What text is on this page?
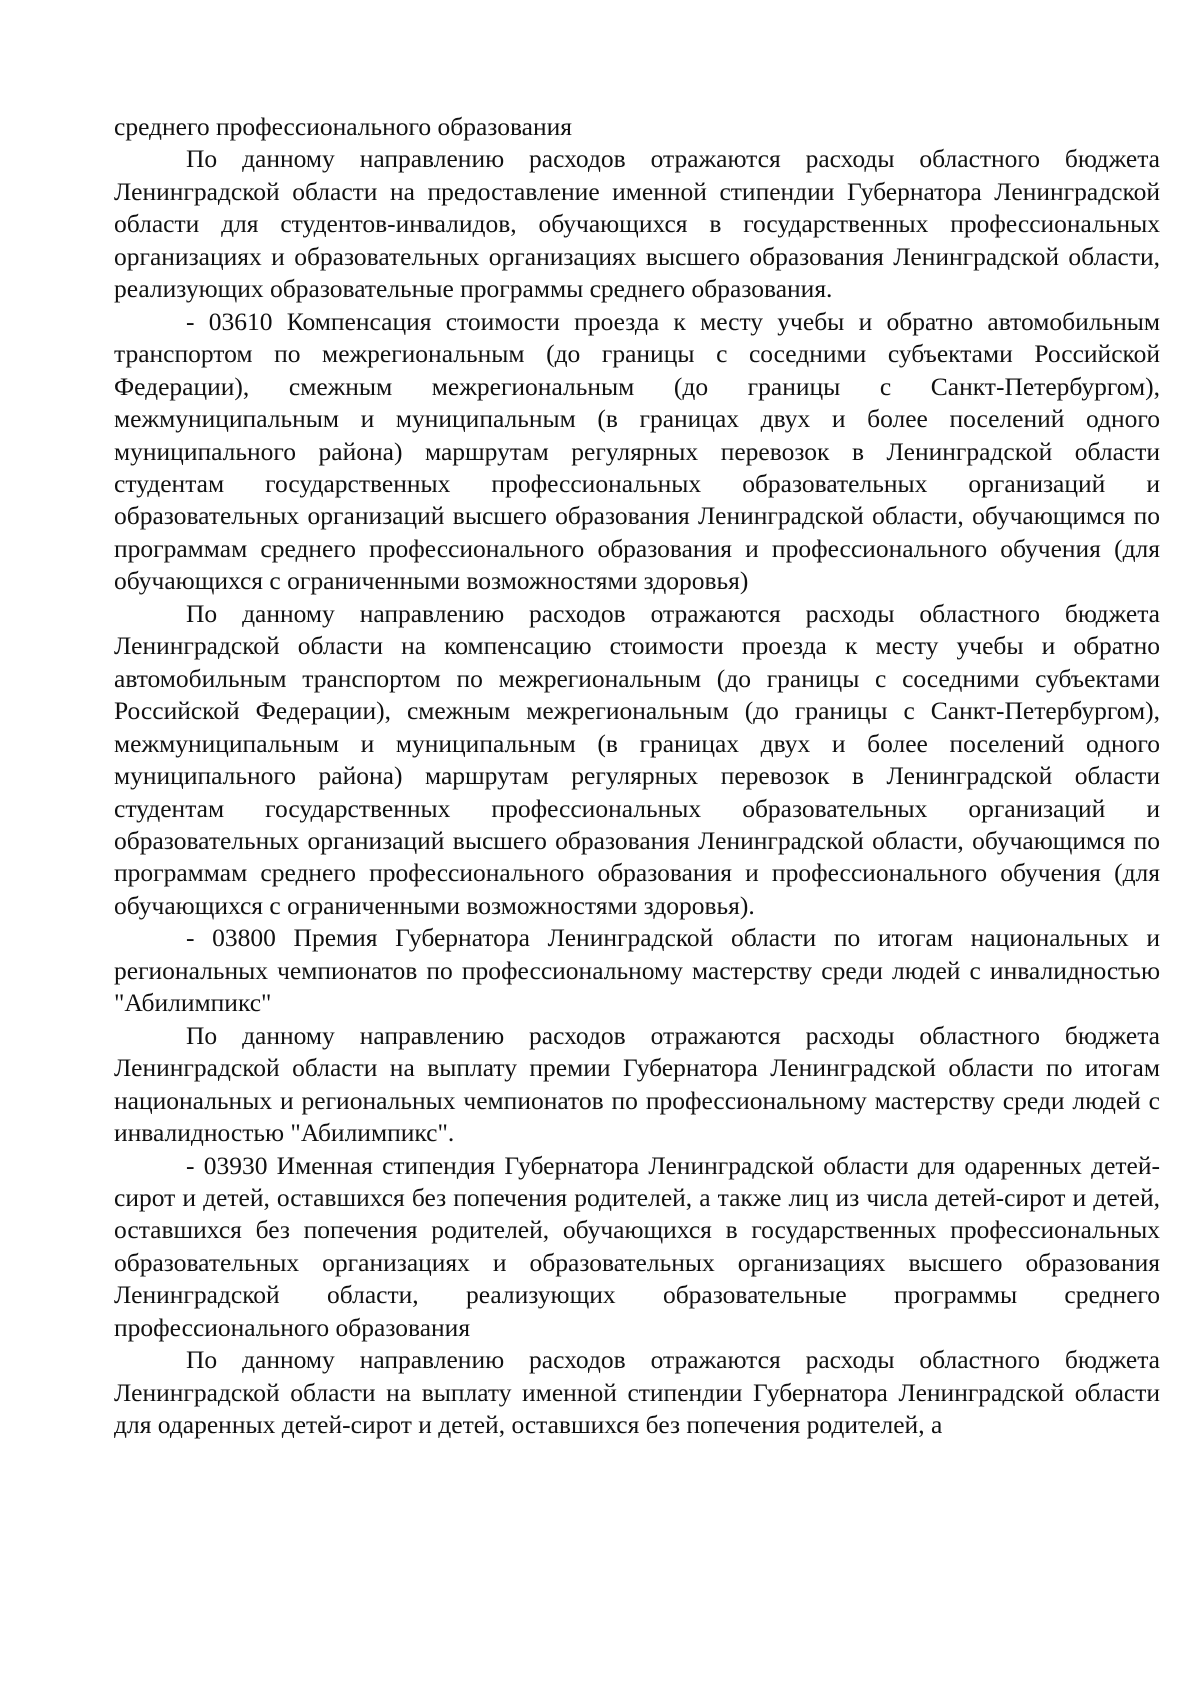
среднего профессионального образования

По данному направлению расходов отражаются расходы областного бюджета Ленинградской области на предоставление именной стипендии Губернатора Ленинградской области для студентов-инвалидов, обучающихся в государственных профессиональных организациях и образовательных организациях высшего образования Ленинградской области, реализующих образовательные программы среднего образования.

- 03610 Компенсация стоимости проезда к месту учебы и обратно автомобильным транспортом по межрегиональным (до границы с соседними субъектами Российской Федерации), смежным межрегиональным (до границы с Санкт-Петербургом), межмуниципальным и муниципальным (в границах двух и более поселений одного муниципального района) маршрутам регулярных перевозок в Ленинградской области студентам государственных профессиональных образовательных организаций и образовательных организаций высшего образования Ленинградской области, обучающимся по программам среднего профессионального образования и профессионального обучения (для обучающихся с ограниченными возможностями здоровья)

По данному направлению расходов отражаются расходы областного бюджета Ленинградской области на компенсацию стоимости проезда к месту учебы и обратно автомобильным транспортом по межрегиональным (до границы с соседними субъектами Российской Федерации), смежным межрегиональным (до границы с Санкт-Петербургом), межмуниципальным и муниципальным (в границах двух и более поселений одного муниципального района) маршрутам регулярных перевозок в Ленинградской области студентам государственных профессиональных образовательных организаций и образовательных организаций высшего образования Ленинградской области, обучающимся по программам среднего профессионального образования и профессионального обучения (для обучающихся с ограниченными возможностями здоровья).

- 03800 Премия Губернатора Ленинградской области по итогам национальных и региональных чемпионатов по профессиональному мастерству среди людей с инвалидностью "Абилимпикс"

По данному направлению расходов отражаются расходы областного бюджета Ленинградской области на выплату премии Губернатора Ленинградской области по итогам национальных и региональных чемпионатов по профессиональному мастерству среди людей с инвалидностью "Абилимпикс".

- 03930 Именная стипендия Губернатора Ленинградской области для одаренных детей-сирот и детей, оставшихся без попечения родителей, а также лиц из числа детей-сирот и детей, оставшихся без попечения родителей, обучающихся в государственных профессиональных образовательных организациях и образовательных организациях высшего образования Ленинградской области, реализующих образовательные программы среднего профессионального образования

По данному направлению расходов отражаются расходы областного бюджета Ленинградской области на выплату именной стипендии Губернатора Ленинградской области для одаренных детей-сирот и детей, оставшихся без попечения родителей, а
